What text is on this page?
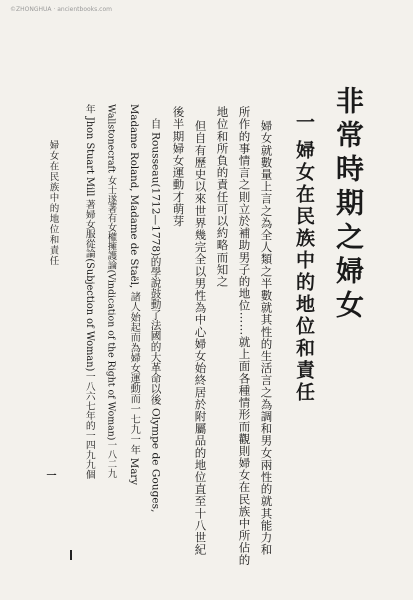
©ZHONGHUA · ancientbooks.com
非常時期之婦女
一
婦女在民族中的地位和責任
婦女就數量上言之為全人類之半數就其性的生活言之為調和男女兩性的就其能力和
所作的事情言之則立於補助男子的地位……就上面各種情形而觀則婦女在民族中所佔的
地位和所負的責任可以約略而知之
但自有歷史以來世界幾完全以男性為中心婦女始終居於附屬品的地位直至十八世紀
後半期婦女運動才萌芽
自 Rousseau(1712—1778)的學說鼓動了法國的大革命以後 Olympe de Gouges,
Madame Roland, Madame de Staël, 諸人始起而為婦女運動而一七九一年 Mary
Wallstonecraft 女士遂著有女權擁護論(Vindication of the Right of Woman)一八二九
年 Jhon Stuart Mill 著婦女服從論(Subjection of Woman)一八六七年的一四九九個
婦女在民族中的地位和責任
一
